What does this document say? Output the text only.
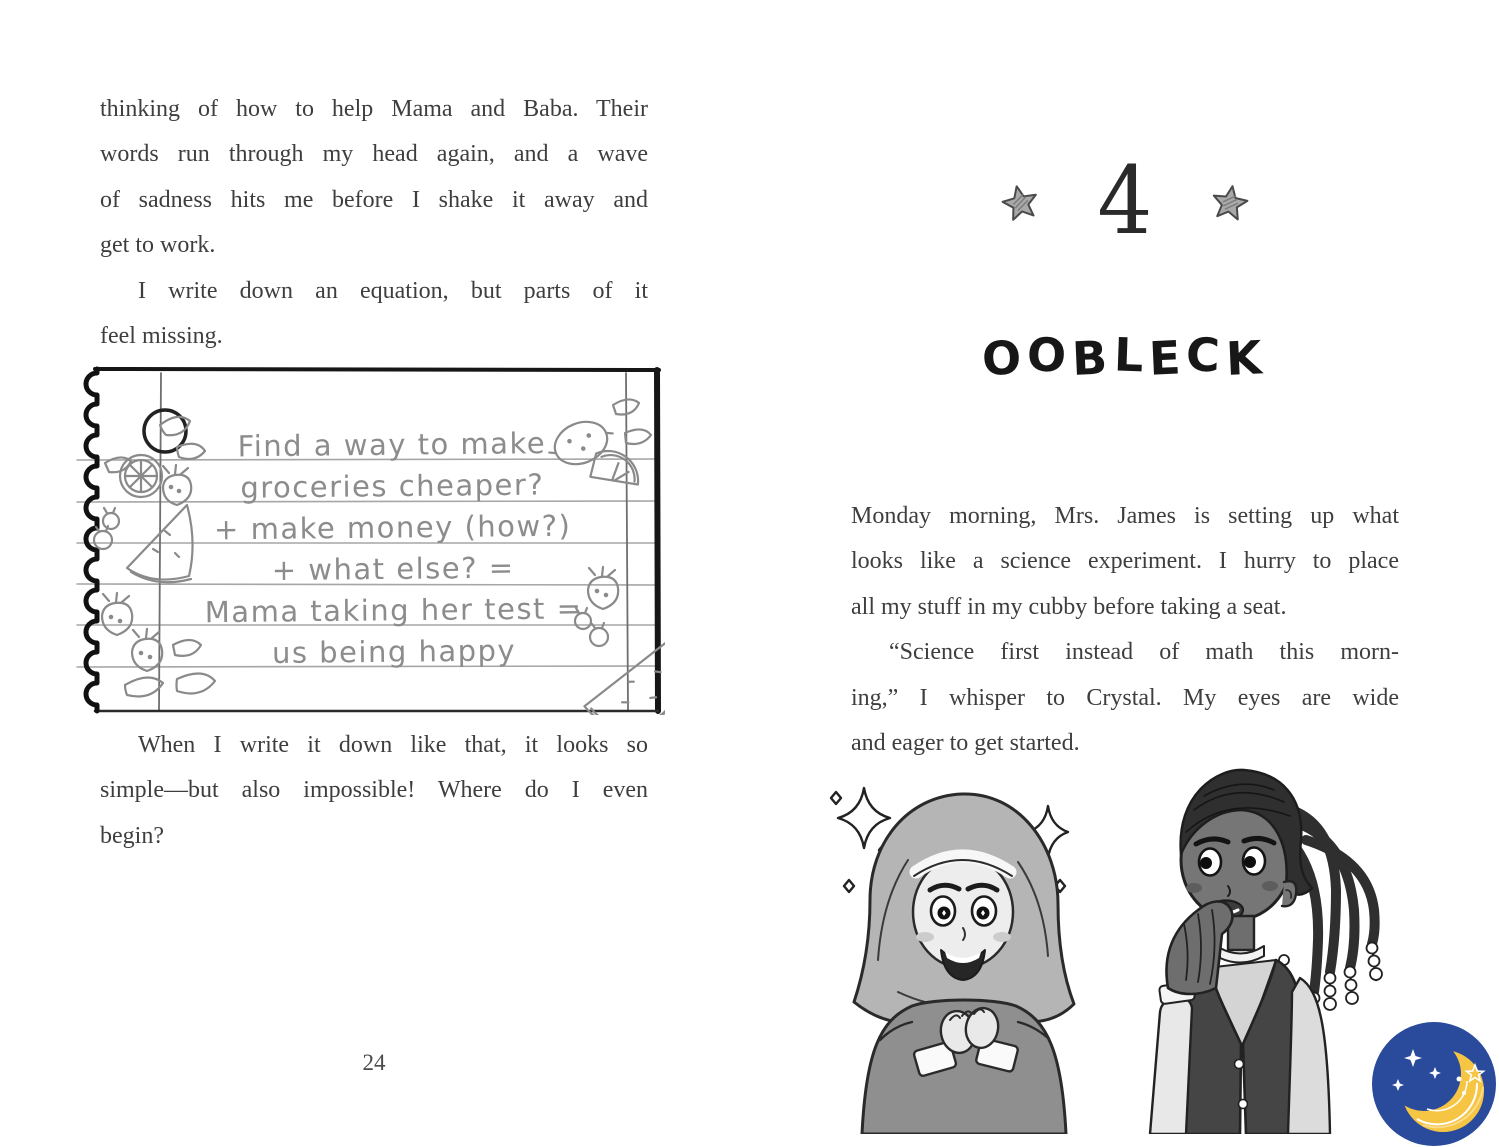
thinking of how to help Mama and Baba. Their
words run through my head again, and a wave
of sadness hits me before I shake it away and
get to work.
I write down an equation, but parts of it
feel missing.
Find a way to make
groceries cheaper?
+ make money (how?)
+ what else? =
Mama taking her test =
us being happy
When I write it down like that, it looks so
simple—but also impossible! Where do I even
begin?
24
4
OOBLECK
Monday morning, Mrs. James is setting up what
looks like a science experiment. I hurry to place
all my stuff in my cubby before taking a seat.
“Science first instead of math this morn-
ing,” I whisper to Crystal. My eyes are wide
and eager to get started.
